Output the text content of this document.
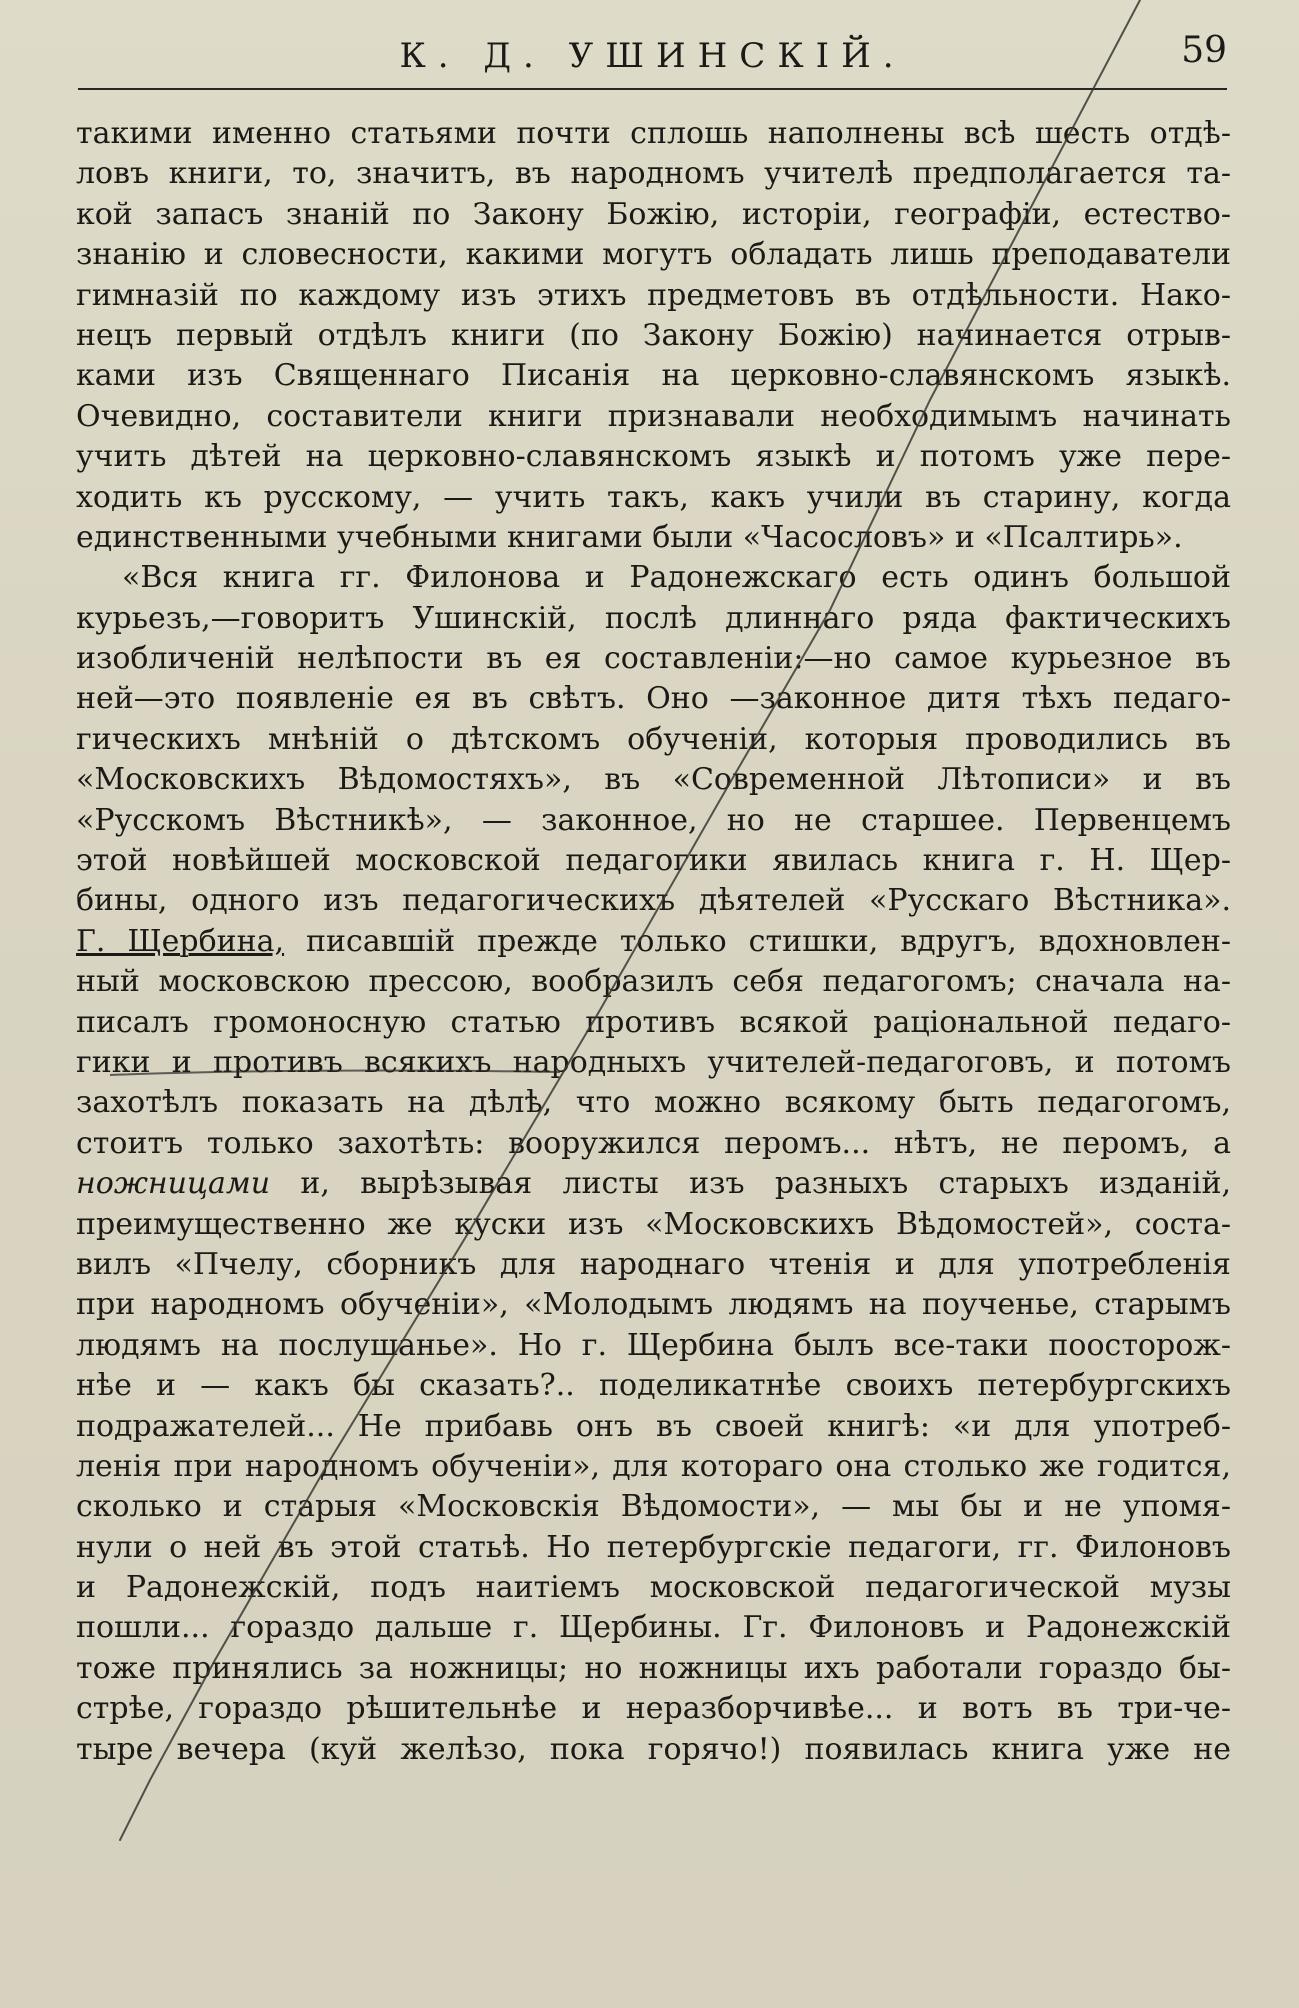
К. Д. УШИНСКІЙ.	59
такими именно статьями почти сплошь наполнены всѣ шесть отдѣ-
ловъ книги, то, значитъ, въ народномъ учителѣ предполагается та-
кой запасъ знаній по Закону Божію, исторіи, географіи, естество-
знанію и словесности, какими могутъ обладать лишь преподаватели
гимназій по каждому изъ этихъ предметовъ въ отдѣльности. Нако-
нецъ первый отдѣлъ книги (по Закону Божію) начинается отрыв-
ками изъ Священнаго Писанія на церковно-славянскомъ языкѣ.
Очевидно, составители книги признавали необходимымъ начинать
учить дѣтей на церковно-славянскомъ языкѣ и потомъ уже пере-
ходить къ русскому, — учить такъ, какъ учили въ старину, когда
единственными учебными книгами были «Часословъ» и «Псалтирь».
«Вся книга гг. Филонова и Радонежскаго есть одинъ большой
курьезъ,—говоритъ Ушинскій, послѣ длиннаго ряда фактическихъ
изобличеній нелѣпости въ ея составленіи:—но самое курьезное въ
ней—это появленіе ея въ свѣтъ. Оно —законное дитя тѣхъ педаго-
гическихъ мнѣній о дѣтскомъ обученіи, которыя проводились въ
«Московскихъ Вѣдомостяхъ», въ «Современной Лѣтописи» и въ
«Русскомъ Вѣстникѣ», — законное, но не старшее. Первенцемъ
этой новѣйшей московской педагогики явилась книга г. Н. Щер-
бины, одного изъ педагогическихъ дѣятелей «Русскаго Вѣстника».
Г. Щербина, писавшій прежде только стишки, вдругъ, вдохновлен-
ный московскою прессою, вообразилъ себя педагогомъ; сначала на-
писалъ громоносную статью противъ всякой раціональной педаго-
гики и противъ всякихъ народныхъ учителей-педагоговъ, и потомъ
захотѣлъ показать на дѣлѣ, что можно всякому быть педагогомъ,
стоитъ только захотѣть: вооружился перомъ... нѣтъ, не перомъ, а
ножницами и, вырѣзывая листы изъ разныхъ старыхъ изданій,
преимущественно же куски изъ «Московскихъ Вѣдомостей», соста-
вилъ «Пчелу, сборникъ для народнаго чтенія и для употребленія
при народномъ обученіи», «Молодымъ людямъ на поученье, старымъ
людямъ на послушанье». Но г. Щербина былъ все-таки поосторож-
нѣе и — какъ бы сказать?.. поделикатнѣе своихъ петербургскихъ
подражателей... Не прибавь онъ въ своей книгѣ: «и для употреб-
ленія при народномъ обученіи», для котораго она столько же годится,
сколько и старыя «Московскія Вѣдомости», — мы бы и не упомя-
нули о ней въ этой статьѣ. Но петербургскіе педагоги, гг. Филоновъ
и Радонежскій, подъ наитіемъ московской педагогической музы
пошли... гораздо дальше г. Щербины. Гг. Филоновъ и Радонежскій
тоже принялись за ножницы; но ножницы ихъ работали гораздо бы-
стрѣе, гораздо рѣшительнѣе и неразборчивѣе... и вотъ въ три-че-
тыре вечера (куй желѣзо, пока горячо!) появилась книга уже не
